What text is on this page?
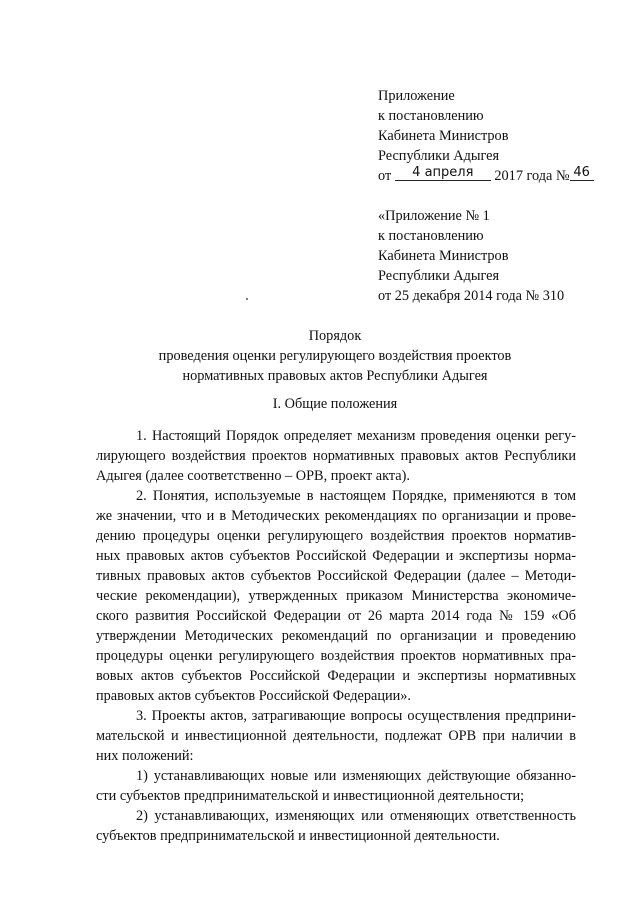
Приложение
к постановлению
Кабинета Министров
Республики Адыгея
от 4 апреля 2017 года № 46
«Приложение № 1
к постановлению
Кабинета Министров
Республики Адыгея
от 25 декабря 2014 года № 310
Порядок
проведения оценки регулирующего воздействия проектов
нормативных правовых актов Республики Адыгея
I. Общие положения
1. Настоящий Порядок определяет механизм проведения оценки регу-
лирующего воздействия проектов нормативных правовых актов Республики
Адыгея (далее соответственно – ОРВ, проект акта).
2. Понятия, используемые в настоящем Порядке, применяются в том
же значении, что и в Методических рекомендациях по организации и прове-
дению процедуры оценки регулирующего воздействия проектов норматив-
ных правовых актов субъектов Российской Федерации и экспертизы норма-
тивных правовых актов субъектов Российской Федерации (далее – Методи-
ческие рекомендации), утвержденных приказом Министерства экономиче-
ского развития Российской Федерации от 26 марта 2014 года № 159 «Об
утверждении Методических рекомендаций по организации и проведению
процедуры оценки регулирующего воздействия проектов нормативных пра-
вовых актов субъектов Российской Федерации и экспертизы нормативных
правовых актов субъектов Российской Федерации».
3. Проекты актов, затрагивающие вопросы осуществления предприни-
мательской и инвестиционной деятельности, подлежат ОРВ при наличии в
них положений:
1) устанавливающих новые или изменяющих действующие обязанно-
сти субъектов предпринимательской и инвестиционной деятельности;
2) устанавливающих, изменяющих или отменяющих ответственность
субъектов предпринимательской и инвестиционной деятельности.
